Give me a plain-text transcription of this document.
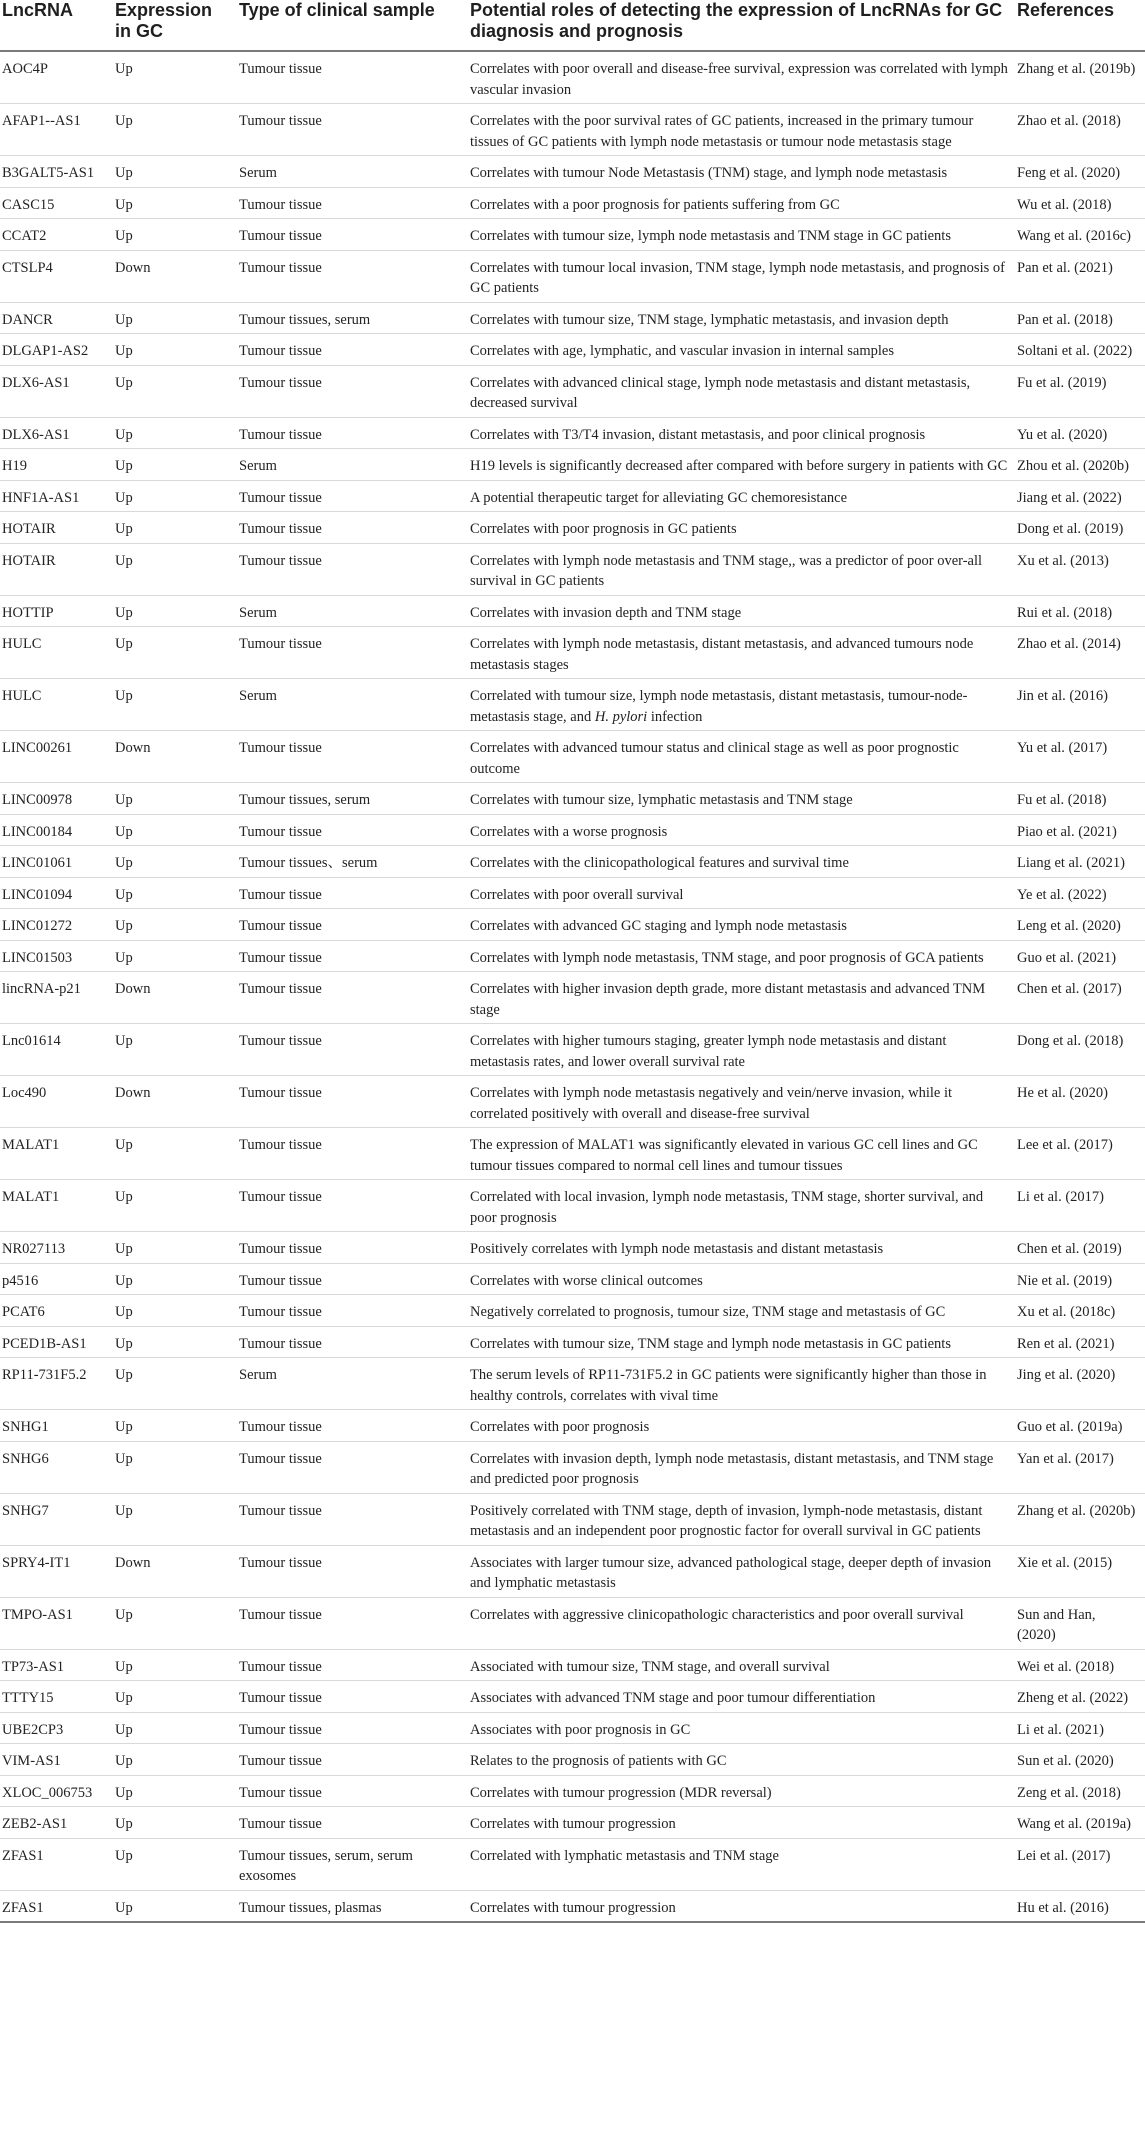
LncRNA	Expression in GC	Type of clinical sample	Potential roles of detecting the expression of LncRNAs for GC diagnosis and prognosis	References
AOC4P	Up	Tumour tissue	Correlates with poor overall and disease-free survival, expression was correlated with lymph vascular invasion	Zhang et al. (2019b)
AFAP1--AS1	Up	Tumour tissue	Correlates with the poor survival rates of GC patients, increased in the primary tumour tissues of GC patients with lymph node metastasis or tumour node metastasis stage	Zhao et al. (2018)
B3GALT5-AS1	Up	Serum	Correlates with tumour Node Metastasis (TNM) stage, and lymph node metastasis	Feng et al. (2020)
CASC15	Up	Tumour tissue	Correlates with a poor prognosis for patients suffering from GC	Wu et al. (2018)
CCAT2	Up	Tumour tissue	Correlates with tumour size, lymph node metastasis and TNM stage in GC patients	Wang et al. (2016c)
CTSLP4	Down	Tumour tissue	Correlates with tumour local invasion, TNM stage, lymph node metastasis, and prognosis of GC patients	Pan et al. (2021)
DANCR	Up	Tumour tissues, serum	Correlates with tumour size, TNM stage, lymphatic metastasis, and invasion depth	Pan et al. (2018)
DLGAP1-AS2	Up	Tumour tissue	Correlates with age, lymphatic, and vascular invasion in internal samples	Soltani et al. (2022)
DLX6-AS1	Up	Tumour tissue	Correlates with advanced clinical stage, lymph node metastasis and distant metastasis, decreased survival	Fu et al. (2019)
DLX6-AS1	Up	Tumour tissue	Correlates with T3/T4 invasion, distant metastasis, and poor clinical prognosis	Yu et al. (2020)
H19	Up	Serum	H19 levels is significantly decreased after compared with before surgery in patients with GC	Zhou et al. (2020b)
HNF1A-AS1	Up	Tumour tissue	A potential therapeutic target for alleviating GC chemoresistance	Jiang et al. (2022)
HOTAIR	Up	Tumour tissue	Correlates with poor prognosis in GC patients	Dong et al. (2019)
HOTAIR	Up	Tumour tissue	Correlates with lymph node metastasis and TNM stage,, was a predictor of poor over-all survival in GC patients	Xu et al. (2013)
HOTTIP	Up	Serum	Correlates with invasion depth and TNM stage	Rui et al. (2018)
HULC	Up	Tumour tissue	Correlates with lymph node metastasis, distant metastasis, and advanced tumours node metastasis stages	Zhao et al. (2014)
HULC	Up	Serum	Correlated with tumour size, lymph node metastasis, distant metastasis, tumour-node-metastasis stage, and H. pylori infection	Jin et al. (2016)
LINC00261	Down	Tumour tissue	Correlates with advanced tumour status and clinical stage as well as poor prognostic outcome	Yu et al. (2017)
LINC00978	Up	Tumour tissues, serum	Correlates with tumour size, lymphatic metastasis and TNM stage	Fu et al. (2018)
LINC00184	Up	Tumour tissue	Correlates with a worse prognosis	Piao et al. (2021)
LINC01061	Up	Tumour tissues、serum	Correlates with the clinicopathological features and survival time	Liang et al. (2021)
LINC01094	Up	Tumour tissue	Correlates with poor overall survival	Ye et al. (2022)
LINC01272	Up	Tumour tissue	Correlates with advanced GC staging and lymph node metastasis	Leng et al. (2020)
LINC01503	Up	Tumour tissue	Correlates with lymph node metastasis, TNM stage, and poor prognosis of GCA patients	Guo et al. (2021)
lincRNA-p21	Down	Tumour tissue	Correlates with higher invasion depth grade, more distant metastasis and advanced TNM stage	Chen et al. (2017)
Lnc01614	Up	Tumour tissue	Correlates with higher tumours staging, greater lymph node metastasis and distant metastasis rates, and lower overall survival rate	Dong et al. (2018)
Loc490	Down	Tumour tissue	Correlates with lymph node metastasis negatively and vein/nerve invasion, while it correlated positively with overall and disease-free survival	He et al. (2020)
MALAT1	Up	Tumour tissue	The expression of MALAT1 was significantly elevated in various GC cell lines and GC tumour tissues compared to normal cell lines and tumour tissues	Lee et al. (2017)
MALAT1	Up	Tumour tissue	Correlated with local invasion, lymph node metastasis, TNM stage, shorter survival, and poor prognosis	Li et al. (2017)
NR027113	Up	Tumour tissue	Positively correlates with lymph node metastasis and distant metastasis	Chen et al. (2019)
p4516	Up	Tumour tissue	Correlates with worse clinical outcomes	Nie et al. (2019)
PCAT6	Up	Tumour tissue	Negatively correlated to prognosis, tumour size, TNM stage and metastasis of GC	Xu et al. (2018c)
PCED1B-AS1	Up	Tumour tissue	Correlates with tumour size, TNM stage and lymph node metastasis in GC patients	Ren et al. (2021)
RP11-731F5.2	Up	Serum	The serum levels of RP11-731F5.2 in GC patients were significantly higher than those in healthy controls, correlates with vival time	Jing et al. (2020)
SNHG1	Up	Tumour tissue	Correlates with poor prognosis	Guo et al. (2019a)
SNHG6	Up	Tumour tissue	Correlates with invasion depth, lymph node metastasis, distant metastasis, and TNM stage and predicted poor prognosis	Yan et al. (2017)
SNHG7	Up	Tumour tissue	Positively correlated with TNM stage, depth of invasion, lymph-node metastasis, distant metastasis and an independent poor prognostic factor for overall survival in GC patients	Zhang et al. (2020b)
SPRY4-IT1	Down	Tumour tissue	Associates with larger tumour size, advanced pathological stage, deeper depth of invasion and lymphatic metastasis	Xie et al. (2015)
TMPO-AS1	Up	Tumour tissue	Correlates with aggressive clinicopathologic characteristics and poor overall survival	Sun and Han, (2020)
TP73-AS1	Up	Tumour tissue	Associated with tumour size, TNM stage, and overall survival	Wei et al. (2018)
TTTY15	Up	Tumour tissue	Associates with advanced TNM stage and poor tumour differentiation	Zheng et al. (2022)
UBE2CP3	Up	Tumour tissue	Associates with poor prognosis in GC	Li et al. (2021)
VIM-AS1	Up	Tumour tissue	Relates to the prognosis of patients with GC	Sun et al. (2020)
XLOC_006753	Up	Tumour tissue	Correlates with tumour progression (MDR reversal)	Zeng et al. (2018)
ZEB2-AS1	Up	Tumour tissue	Correlates with tumour progression	Wang et al. (2019a)
ZFAS1	Up	Tumour tissues, serum, serum exosomes	Correlated with lymphatic metastasis and TNM stage	Lei et al. (2017)
ZFAS1	Up	Tumour tissues, plasmas	Correlates with tumour progression	Hu et al. (2016)
